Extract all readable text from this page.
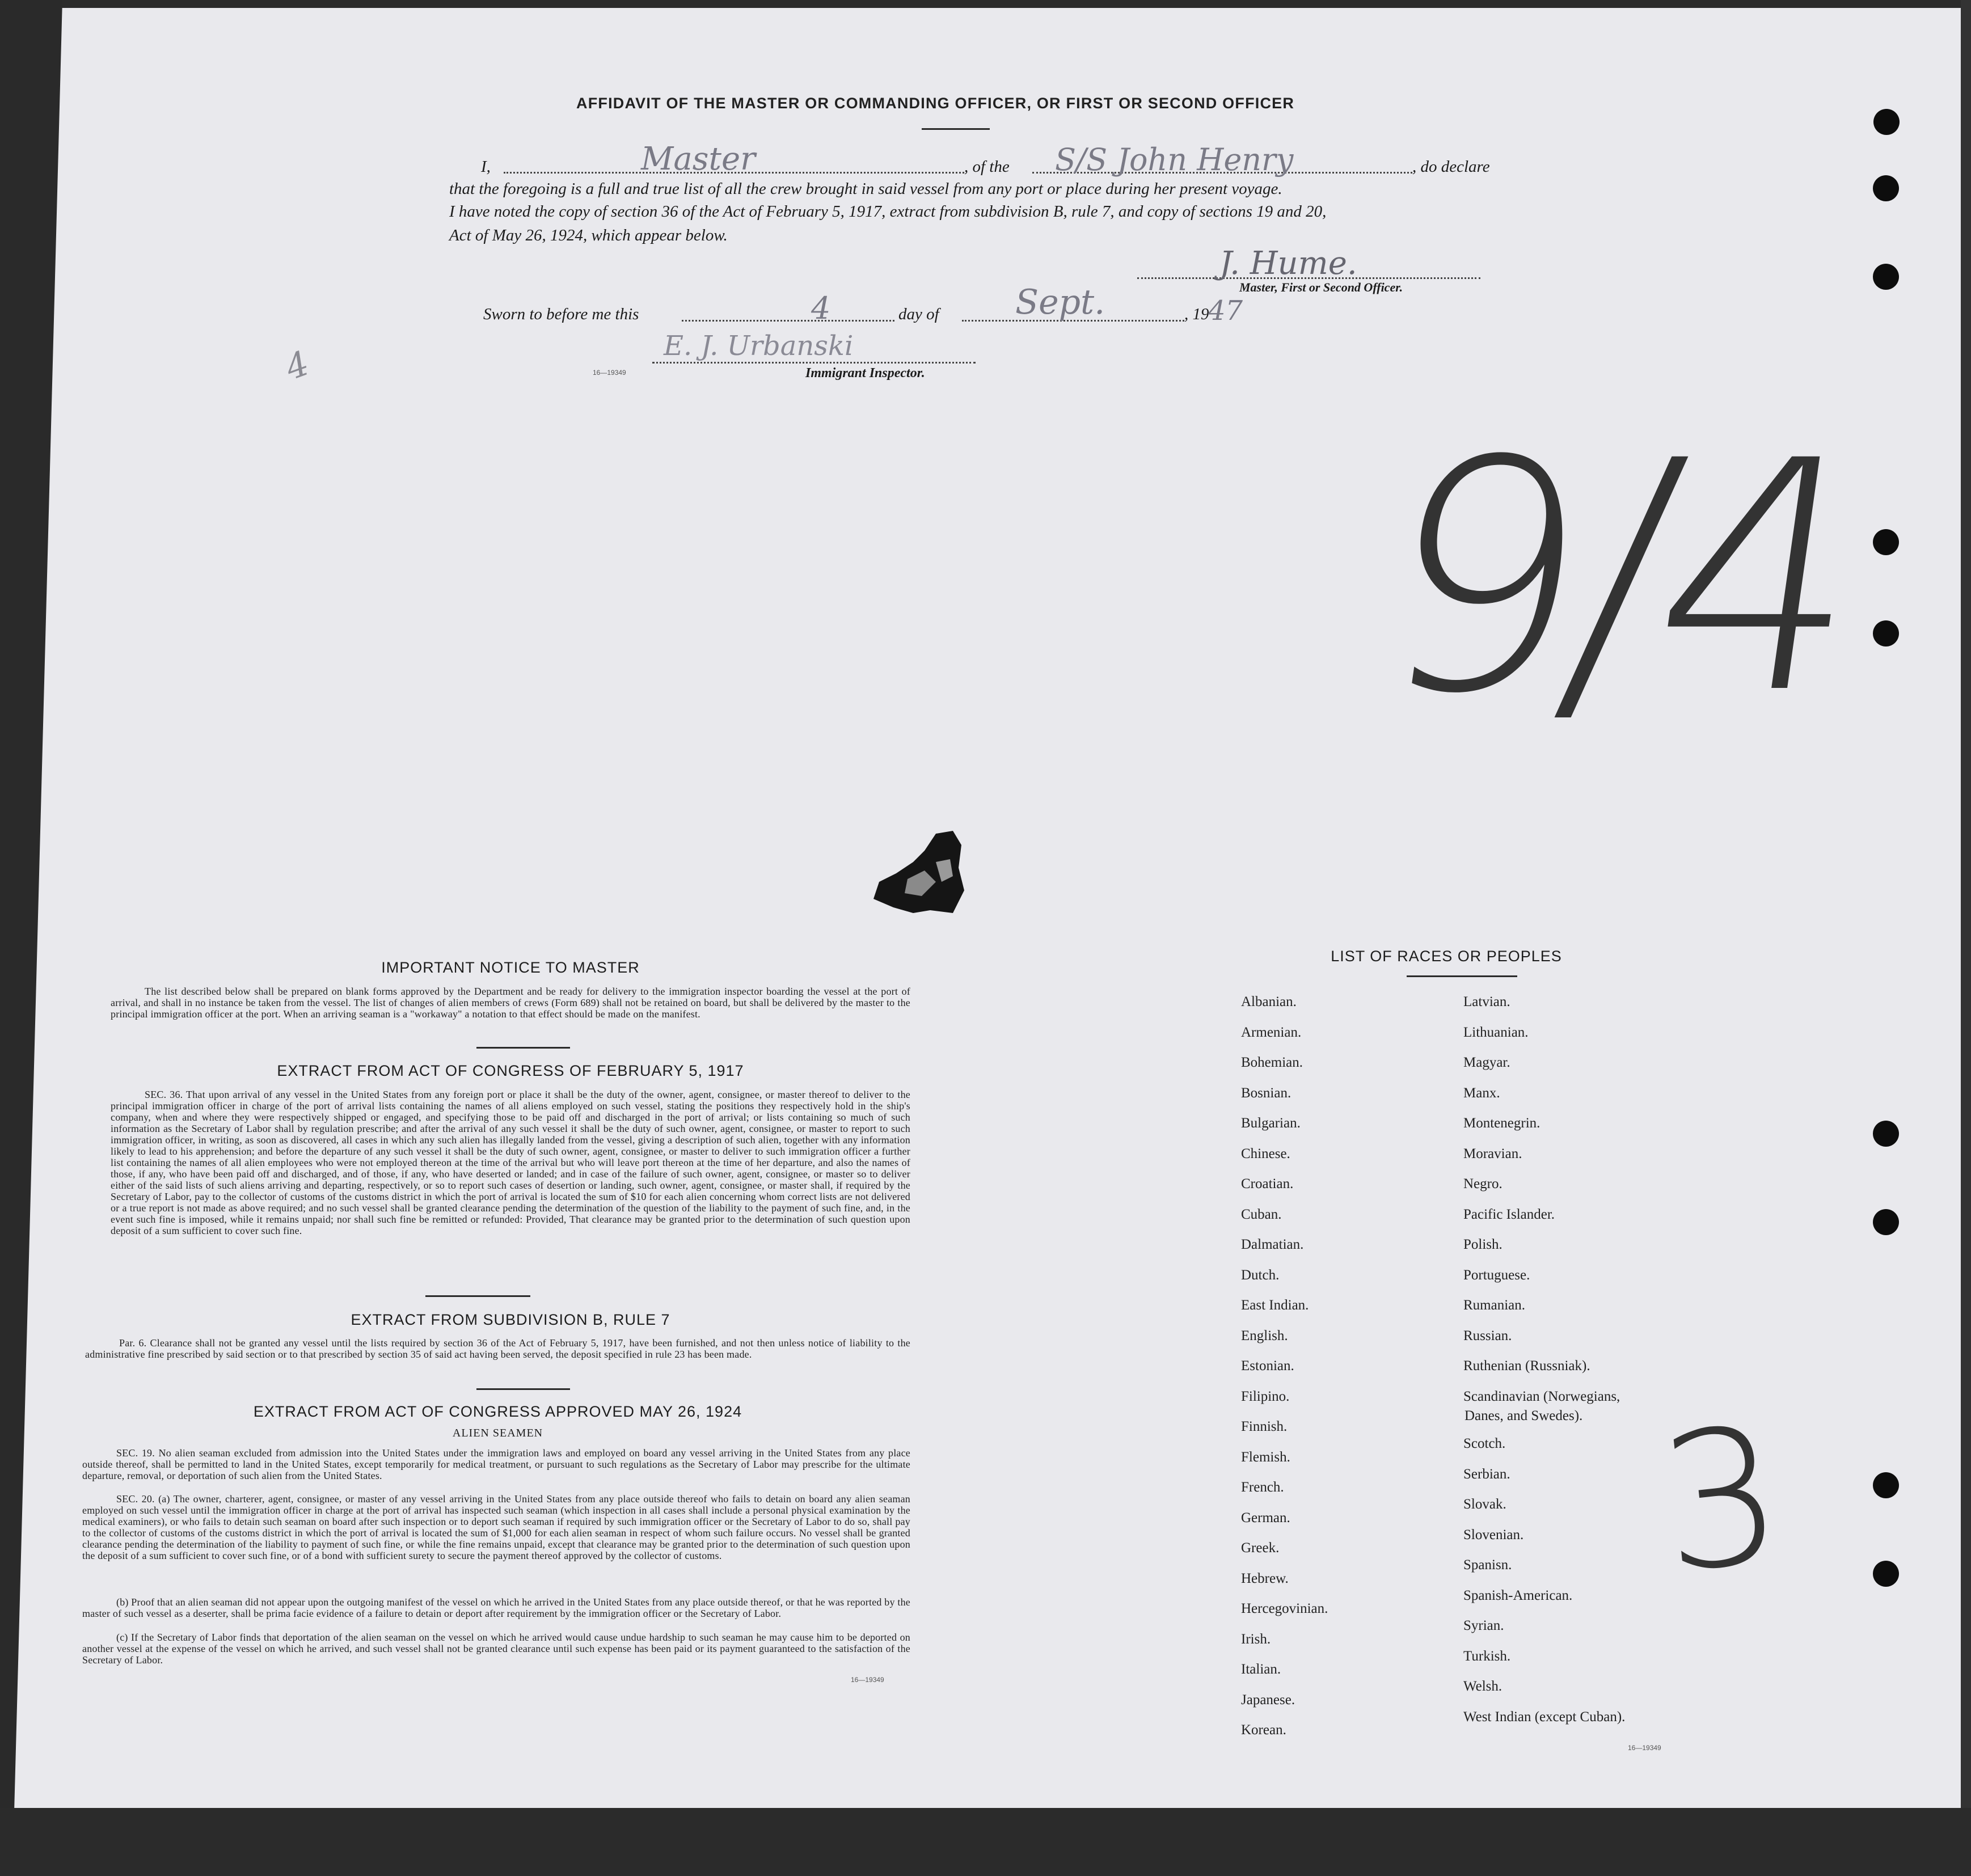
AFFIDAVIT OF THE MASTER OR COMMANDING OFFICER, OR FIRST OR SECOND OFFICER
I,	Master	, of the S/S John Henry	, do declare
that the foregoing is a full and true list of all the crew brought in said vessel from any port or place during her present voyage.
I have noted the copy of section 36 of the Act of February 5, 1917, extract from subdivision B, rule 7, and copy of sections 19 and 20,
Act of May 26, 1924, which appear below.
J. Hume.
Master, First or Second Officer.
Sworn to before me this	4	day of Sept.	, 19
47
E. J. Urbanski
16—19349	Immigrant Inspector.
4
9/4
3
IMPORTANT NOTICE TO MASTER
The list described below shall be prepared on blank forms approved by the Department and be ready for delivery to the immigration inspector boarding the vessel at the port of arrival, and shall in no instance be taken from the vessel. The list of changes of alien members of crews (Form 689) shall not be retained on board, but shall be delivered by the master to the principal immigration officer at the port. When an arriving seaman is a "workaway" a notation to that effect should be made on the manifest.
EXTRACT FROM ACT OF CONGRESS OF FEBRUARY 5, 1917
SEC. 36. That upon arrival of any vessel in the United States from any foreign port or place it shall be the duty of the owner, agent, consignee, or master thereof to deliver to the principal immigration officer in charge of the port of arrival lists containing the names of all aliens employed on such vessel, stating the positions they respectively hold in the ship's company, when and where they were respectively shipped or engaged, and specifying those to be paid off and discharged in the port of arrival; or lists containing so much of such information as the Secretary of Labor shall by regulation prescribe; and after the arrival of any such vessel it shall be the duty of such owner, agent, consignee, or master to report to such immigration officer, in writing, as soon as discovered, all cases in which any such alien has illegally landed from the vessel, giving a description of such alien, together with any information likely to lead to his apprehension; and before the departure of any such vessel it shall be the duty of such owner, agent, consignee, or master to deliver to such immigration officer a further list containing the names of all alien employees who were not employed thereon at the time of the arrival but who will leave port thereon at the time of her departure, and also the names of those, if any, who have been paid off and discharged, and of those, if any, who have deserted or landed; and in case of the failure of such owner, agent, consignee, or master so to deliver either of the said lists of such aliens arriving and departing, respectively, or so to report such cases of desertion or landing, such owner, agent, consignee, or master shall, if required by the Secretary of Labor, pay to the collector of customs of the customs district in which the port of arrival is located the sum of $10 for each alien concerning whom correct lists are not delivered or a true report is not made as above required; and no such vessel shall be granted clearance pending the determination of the question of the liability to the payment of such fine, and, in the event such fine is imposed, while it remains unpaid; nor shall such fine be remitted or refunded: Provided, That clearance may be granted prior to the determination of such question upon deposit of a sum sufficient to cover such fine.
EXTRACT FROM SUBDIVISION B, RULE 7
Par. 6. Clearance shall not be granted any vessel until the lists required by section 36 of the Act of February 5, 1917, have been furnished, and not then unless notice of liability to the administrative fine prescribed by said section or to that prescribed by section 35 of said act having been served, the deposit specified in rule 23 has been made.
EXTRACT FROM ACT OF CONGRESS APPROVED MAY 26, 1924
ALIEN SEAMEN
SEC. 19. No alien seaman excluded from admission into the United States under the immigration laws and employed on board any vessel arriving in the United States from any place outside thereof, shall be permitted to land in the United States, except temporarily for medical treatment, or pursuant to such regulations as the Secretary of Labor may prescribe for the ultimate departure, removal, or deportation of such alien from the United States.
SEC. 20. (a) The owner, charterer, agent, consignee, or master of any vessel arriving in the United States from any place outside thereof who fails to detain on board any alien seaman employed on such vessel until the immigration officer in charge at the port of arrival has inspected such seaman (which inspection in all cases shall include a personal physical examination by the medical examiners), or who fails to detain such seaman on board after such inspection or to deport such seaman if required by such immigration officer or the Secretary of Labor to do so, shall pay to the collector of customs of the customs district in which the port of arrival is located the sum of $1,000 for each alien seaman in respect of whom such failure occurs. No vessel shall be granted clearance pending the determination of the liability to payment of such fine, or while the fine remains unpaid, except that clearance may be granted prior to the determination of such question upon the deposit of a sum sufficient to cover such fine, or of a bond with sufficient surety to secure the payment thereof approved by the collector of customs.
(b) Proof that an alien seaman did not appear upon the outgoing manifest of the vessel on which he arrived in the United States from any place outside thereof, or that he was reported by the master of such vessel as a deserter, shall be prima facie evidence of a failure to detain or deport after requirement by the immigration officer or the Secretary of Labor.
(c) If the Secretary of Labor finds that deportation of the alien seaman on the vessel on which he arrived would cause undue hardship to such seaman he may cause him to be deported on another vessel at the expense of the vessel on which he arrived, and such vessel shall not be granted clearance until such expense has been paid or its payment guaranteed to the satisfaction of the Secretary of Labor.
16—19349
LIST OF RACES OR PEOPLES
Albanian.
Armenian.
Bohemian.
Bosnian.
Bulgarian.
Chinese.
Croatian.
Cuban.
Dalmatian.
Dutch.
East Indian.
English.
Estonian.
Filipino.
Finnish.
Flemish.
French.
German.
Greek.
Hebrew.
Hercegovinian.
Irish.
Italian.
Japanese.
Korean.
Latvian.
Lithuanian.
Magyar.
Manx.
Montenegrin.
Moravian.
Negro.
Pacific Islander.
Polish.
Portuguese.
Rumanian.
Russian.
Ruthenian (Russniak).
Scandinavian (Norwegians,
Danes, and Swedes).
Scotch.
Serbian.
Slovak.
Slovenian.
Spanisn.
Spanish-American.
Syrian.
Turkish.
Welsh.
West Indian (except Cuban).
16—19349
